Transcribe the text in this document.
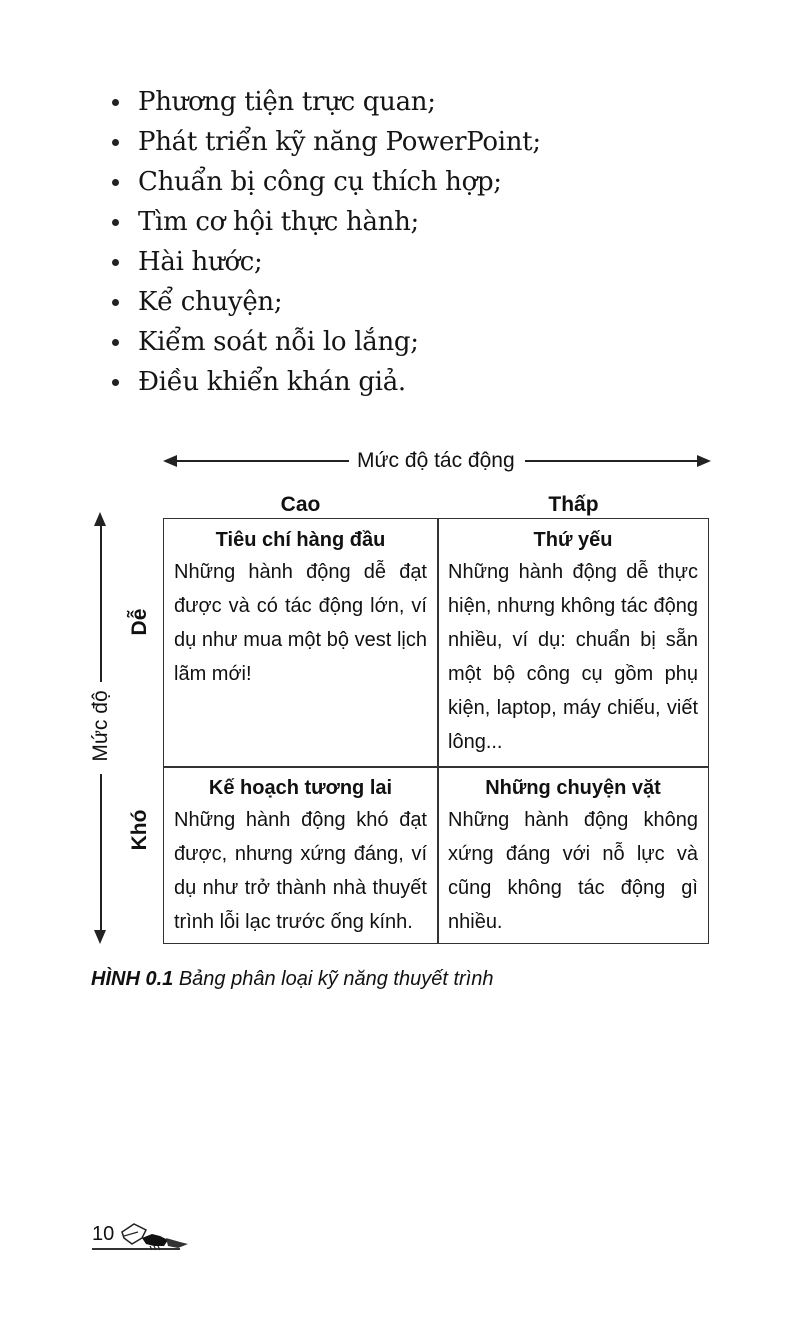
Phương tiện trực quan;
Phát triển kỹ năng PowerPoint;
Chuẩn bị công cụ thích hợp;
Tìm cơ hội thực hành;
Hài hước;
Kể chuyện;
Kiểm soát nỗi lo lắng;
Điều khiển khán giả.
Mức độ tác động
Cao	Thấp
Mức độ
Dễ
Khó
Tiêu chí hàng đầu
Những hành động dễ đạt được và có tác động lớn, ví dụ như mua một bộ vest lịch lãm mới!
Thứ yếu
Những hành động dễ thực hiện, nhưng không tác động nhiều, ví dụ: chuẩn bị sẵn một bộ công cụ gồm phụ kiện, laptop, máy chiếu, viết lông...
Kế hoạch tương lai
Những hành động khó đạt được, nhưng xứng đáng, ví dụ như trở thành nhà thuyết trình lỗi lạc trước ống kính.
Những chuyện vặt
Những hành động không xứng đáng với nỗ lực và cũng không tác động gì nhiều.
HÌNH 0.1 Bảng phân loại kỹ năng thuyết trình
10
